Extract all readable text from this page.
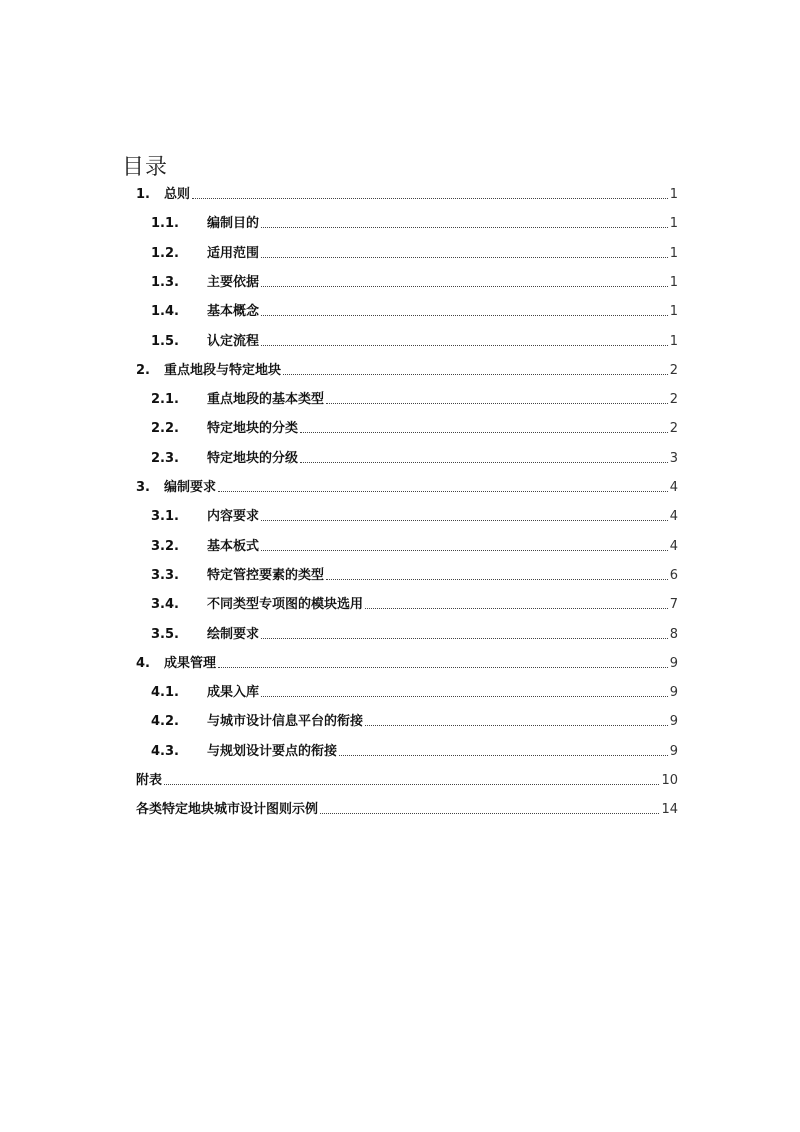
目录
1.	总则	1
1.1.	编制目的	1
1.2.	适用范围	1
1.3.	主要依据	1
1.4.	基本概念	1
1.5.	认定流程	1
2.	重点地段与特定地块	2
2.1.	重点地段的基本类型	2
2.2.	特定地块的分类	2
2.3.	特定地块的分级	3
3.	编制要求	4
3.1.	内容要求	4
3.2.	基本板式	4
3.3.	特定管控要素的类型	6
3.4.	不同类型专项图的模块选用	7
3.5.	绘制要求	8
4.	成果管理	9
4.1.	成果入库	9
4.2.	与城市设计信息平台的衔接	9
4.3.	与规划设计要点的衔接	9
附表	10
各类特定地块城市设计图则示例	14
